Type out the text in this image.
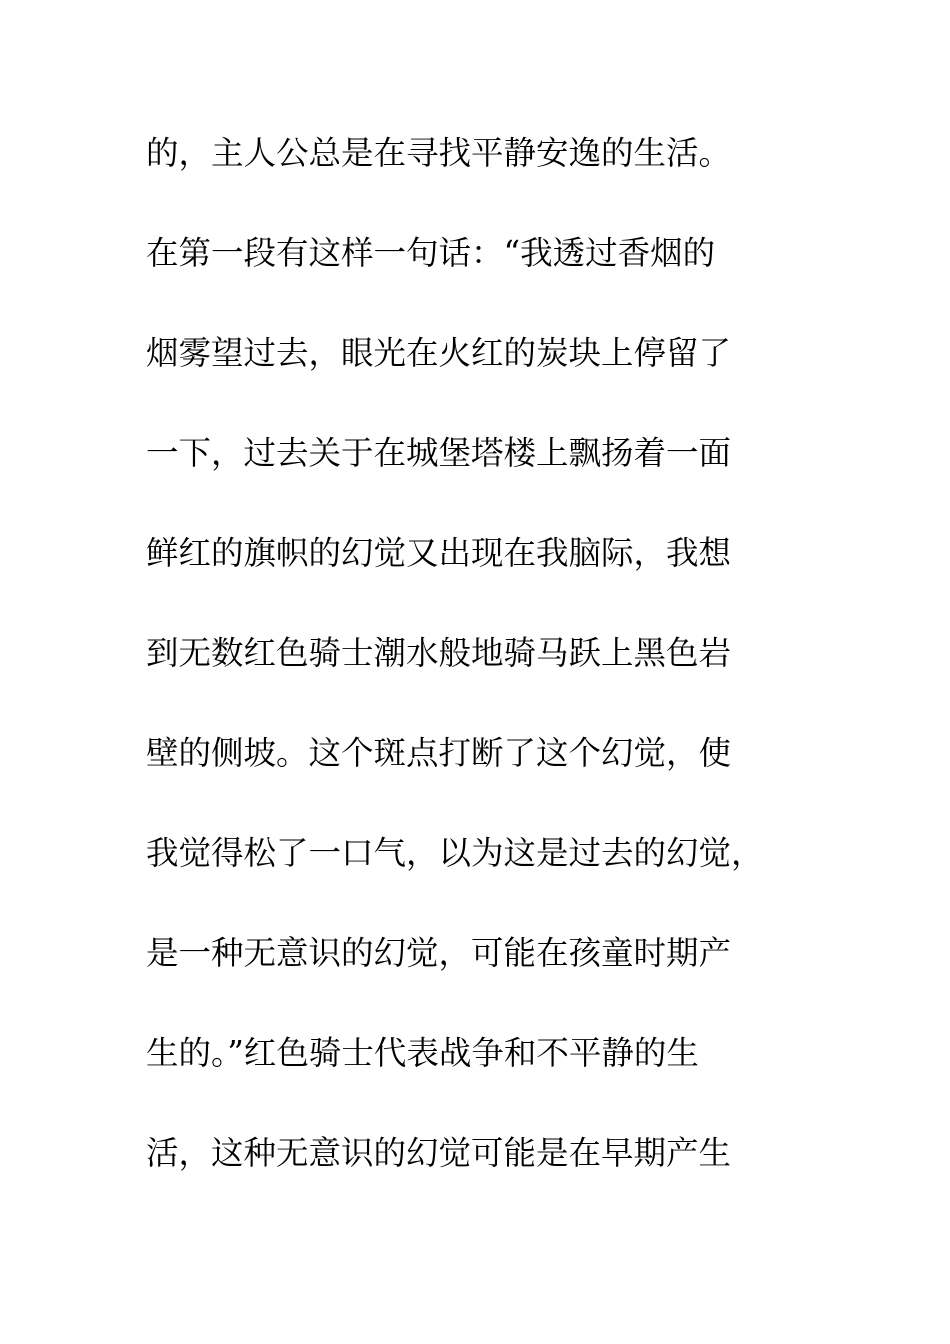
的，主人公总是在寻找平静安逸的生活。
在第一段有这样一句话：“我透过香烟的
烟雾望过去，眼光在火红的炭块上停留了
一下，过去关于在城堡塔楼上飘扬着一面
鲜红的旗帜的幻觉又出现在我脑际，我想
到无数红色骑士潮水般地骑马跃上黑色岩
壁的侧坡。这个斑点打断了这个幻觉，使
我觉得松了一口气，以为这是过去的幻觉，
是一种无意识的幻觉，可能在孩童时期产
生的。”红色骑士代表战争和不平静的生
活，这种无意识的幻觉可能是在早期产生
